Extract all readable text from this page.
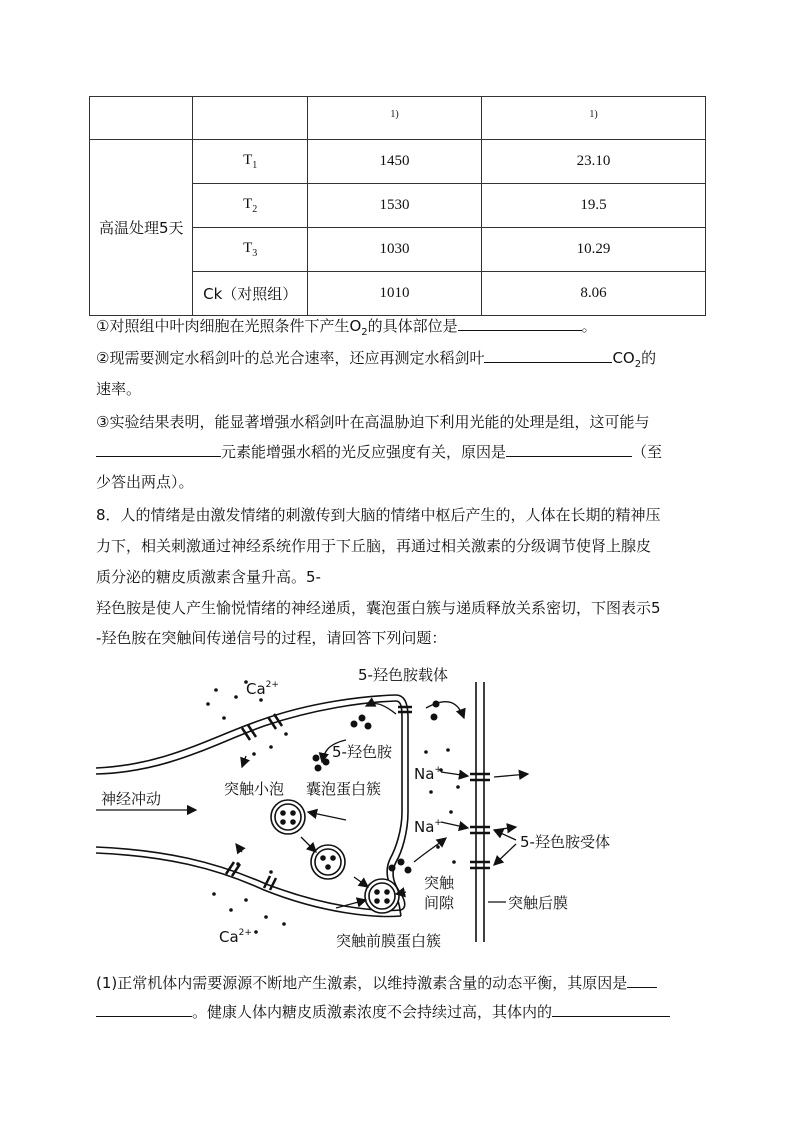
		$^{1)}$	$^{1)}$
高温处理5天	$T_1$	1450	23.10
	$T_2$	1530	19.5
	$T_3$	1030	10.29
	Ck（对照组）	1010	8.06
①对照组中叶肉细胞在光照条件下产生$O_2$的具体部位是	。
②现需要测定水稻剑叶的总光合速率，还应再测定水稻剑叶	$CO_2$的
速率。
③实验结果表明，能显著增强水稻剑叶在高温胁迫下利用光能的处理是组，这可能与
元素能增强水稻的光反应强度有关，原因是	（至
少答出两点）。
8．人的情绪是由激发情绪的刺激传到大脑的情绪中枢后产生的，人体在长期的精神压
力下，相关刺激通过神经系统作用于下丘脑，再通过相关激素的分级调节使肾上腺皮
质分泌的糖皮质激素含量升高。5-
羟色胺是使人产生愉悦情绪的神经递质，囊泡蛋白簇与递质释放关系密切，下图表示5
-羟色胺在突触间传递信号的过程，请回答下列问题：
$Ca^{2+}$
$Ca^{2+}$
5-羟色胺载体
5-羟色胺
突触小泡 囊泡蛋白簇
神经冲动
Na+
Na+
5-羟色胺受体
突触
间隙	突触后膜
突触前膜蛋白簇
(1)正常机体内需要源源不断地产生激素，以维持激素含量的动态平衡，其原因是
。健康人体内糖皮质激素浓度不会持续过高，其体内的
